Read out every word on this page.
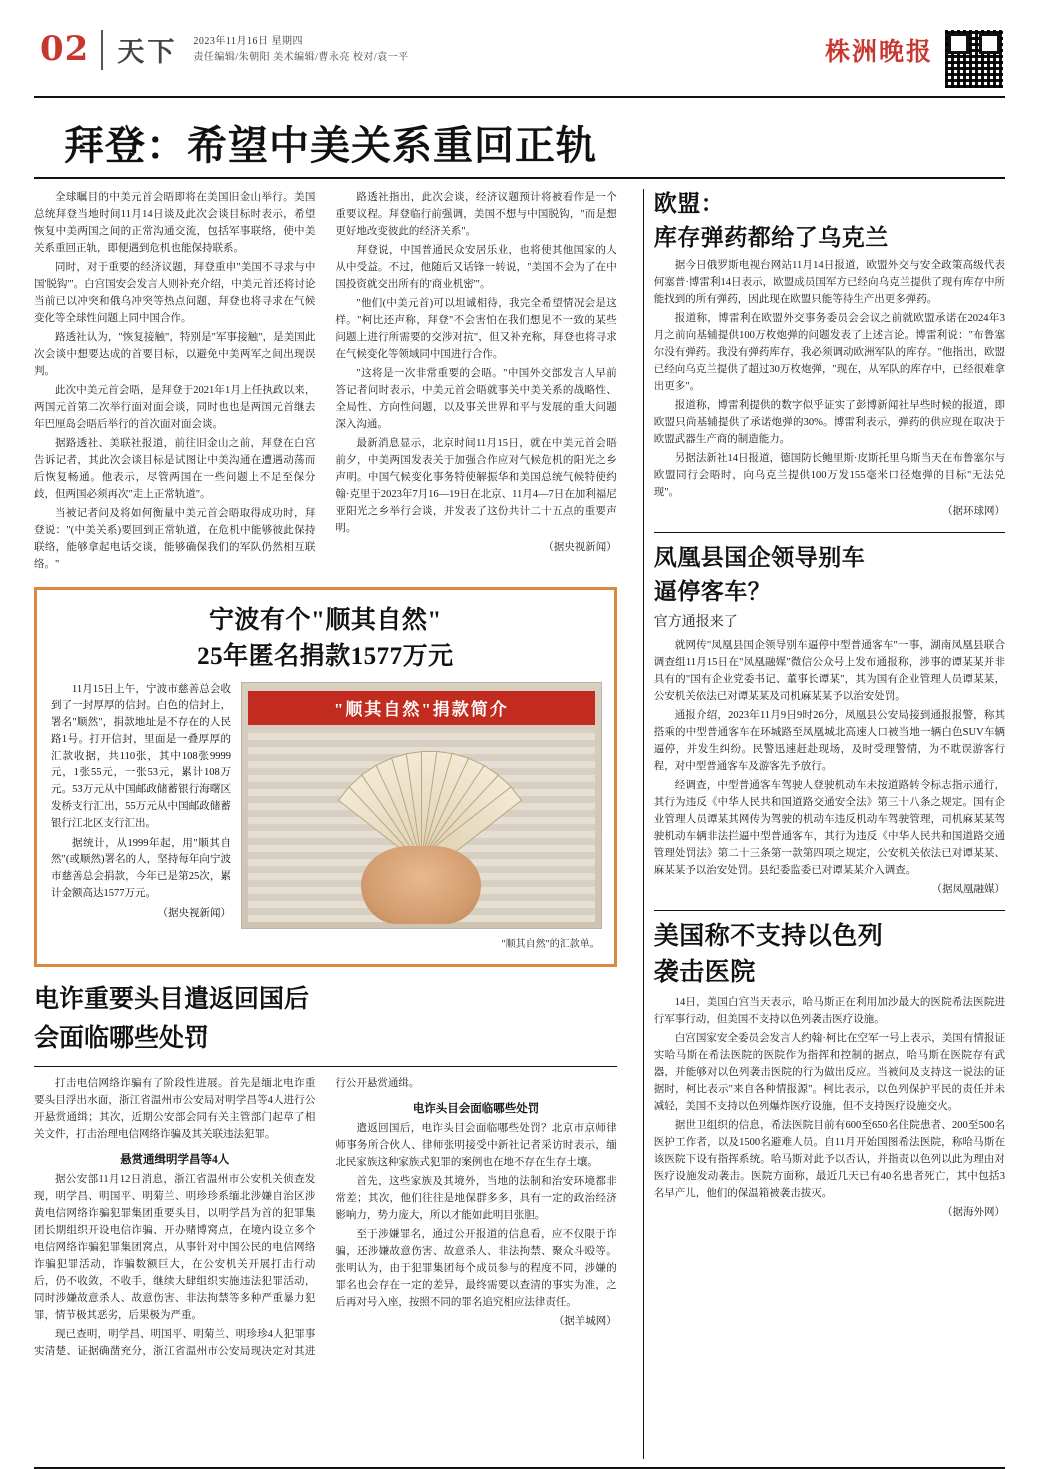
02	天下	2023年11月16日 星期四
责任编辑/朱朝阳 美术编辑/曹永亮 校对/袁一平	株洲晚报
拜登：希望中美关系重回正轨

全球瞩目的中美元首会晤即将在美国旧金山举行。美国总统拜登当地时间11月14日谈及此次会谈目标时表示，希望恢复中美两国之间的正常沟通交流，包括军事联络，使中美关系重回正轨，即便遇到危机也能保持联系。

同时，对于重要的经济议题，拜登重申"美国不寻求与中国'脱钩'"。白宫国安会发言人则补充介绍，中美元首还将讨论当前已以冲突和俄乌冲突等热点问题，拜登也将寻求在气候变化等全球性问题上同中国合作。

路透社认为，"恢复接触"，特别是"军事接触"，是美国此次会谈中想要达成的首要目标，以避免中美两军之间出现误判。

此次中美元首会晤，是拜登于2021年1月上任执政以来，两国元首第二次举行面对面会谈，同时也也是两国元首继去年巴厘岛会晤后举行的首次面对面会谈。

据路透社、美联社报道，前往旧金山之前，拜登在白宫告诉记者，其此次会谈目标是试图让中美沟通在遭遇动荡而后恢复畅通。他表示，尽管两国在一些问题上不足至保分歧，但两国必须再次"走上正常轨道"。

当被记者问及将如何衡量中美元首会晤取得成功时，拜登说："(中美关系)要回到正常轨道，在危机中能够彼此保持联络，能够拿起电话交谈，能够确保我们的军队仍然相互联络。"

路透社指出，此次会谈，经济议题预计将被看作是一个重要议程。拜登临行前强调，美国不想与中国脱钩，"而是想更好地改变彼此的经济关系"。

拜登说，中国普通民众安居乐业，也将使其他国家的人从中受益。不过，他随后又话锋一转说，"美国不会为了在中国投资就交出所有的'商业机密'"。

"他们(中美元首)可以坦诚相待，我完全希望情况会是这样。"柯比还声称，拜登"不会害怕在我们想见不一致的某些问题上进行所需要的交涉对抗"，但又补充称，拜登也将寻求在气候变化等领域同中国进行合作。

"这将是一次非常重要的会晤。"中国外交部发言人早前答记者问时表示，中美元首会晤就事关中美关系的战略性、全局性、方向性问题，以及事关世界和平与发展的重大问题深入沟通。

最新消息显示，北京时间11月15日，就在中美元首会晤前夕，中美两国发表关于加强合作应对气候危机的阳光之乡声明。中国气候变化事务特使解振华和美国总统气候特使约翰·克里于2023年7月16—19日在北京、11月4—7日在加利福尼亚阳光之乡举行会谈，并发表了这份共计二十五点的重要声明。

（据央视新闻）

宁波有个"顺其自然"
25年匿名捐款1577万元

11月15日上午，宁波市慈善总会收到了一封厚厚的信封。白色的信封上，署名"顺然"，捐款地址是不存在的人民路1号。打开信封，里面是一叠厚厚的汇款收据，共110张，其中108张9999元，1张55元，一张53元，累计108万元。53万元从中国邮政储蓄银行海曙区发桥支行汇出，55万元从中国邮政储蓄银行江北区支行汇出。

据统计，从1999年起，用"顺其自然"(或顺然)署名的人，坚持每年向宁波市慈善总会捐款，今年已是第25次，累计金额高达1577万元。

（据央视新闻）

"顺其自然"捐款简介
"顺其自然"的汇款单。
电诈重要头目遣返回国后
会面临哪些处罚

打击电信网络诈骗有了阶段性进展。首先是缅北电诈重要头目浮出水面，浙江省温州市公安局对明学昌等4人进行公开悬赏通缉；其次，近期公安部会同有关主管部门起草了相关文件，打击治理电信网络诈骗及其关联违法犯罪。

悬赏通缉明学昌等4人

据公安部11月12日消息，浙江省温州市公安机关侦查发现，明学昌、明国平、明菊兰、明珍珍系缅北涉嫌自治区涉黄电信网络诈骗犯罪集团重要头目，以明学昌为首的犯罪集团长期组织开设电信诈骗、开办赌博窝点，在境内设立多个电信网络诈骗犯罪集团窝点，从事针对中国公民的电信网络诈骗犯罪活动，诈骗数额巨大，在公安机关开展打击行动后，仍不收敛，不收手，继续大肆组织实施违法犯罪活动，同时涉嫌故意杀人、故意伤害、非法拘禁等多种严重暴力犯罪，情节极其恶劣，后果极为严重。

现已查明，明学昌、明国平、明菊兰、明珍珍4人犯罪事实清楚、证据确凿充分，浙江省温州市公安局现决定对其进行公开悬赏通缉。

电诈头目会面临哪些处罚

遣返回国后，电诈头目会面临哪些处罚？北京市京师律师事务所合伙人、律师张明接受中新社记者采访时表示，缅北民家族这种家族式犯罪的案例也在地不存在生存土壤。

首先，这些家族及其境外，当地的法制和治安环境都非常差；其次，他们往往是地保群多多，具有一定的政治经济影响力，势力庞大，所以才能如此明目张胆。

至于涉嫌罪名，通过公开报道的信息看，应不仅限于诈骗，还涉嫌故意伤害、故意杀人、非法拘禁、聚众斗殴等。张明认为，由于犯罪集团每个成员参与的程度不同，涉嫌的罪名也会存在一定的差异，最终需要以查清的事实为准，之后再对号入座，按照不同的罪名追究相应法律责任。

（据羊城网）

欧盟：
库存弹药都给了乌克兰

据今日俄罗斯电视台网站11月14日报道，欧盟外交与安全政策高级代表何塞普·博雷利14日表示，欧盟成员国军方已经向乌克兰提供了现有库存中所能找到的所有弹药，因此现在欧盟只能等待生产出更多弹药。

报道称，博雷利在欧盟外交事务委员会会议之前就欧盟承诺在2024年3月之前向基辅提供100万枚炮弹的问题发表了上述言论。博雷利说："布鲁塞尔没有弹药。我没有弹药库存，我必须调动欧洲军队的库存。"他指出，欧盟已经向乌克兰提供了超过30万枚炮弹，"现在，从军队的库存中，已经很难拿出更多"。

报道称，博雷利提供的数字似乎证实了彭博新闻社早些时候的报道，即欧盟只尚基辅提供了承诺炮弹的30%。博雷利表示，弹药的供应现在取决于欧盟武器生产商的制造能力。

另据法新社14日报道，德国防长鲍里斯·皮斯托里乌斯当天在布鲁塞尔与欧盟同行会晤时，向乌克兰提供100万发155毫米口径炮弹的目标"无法兑现"。

（据环球网）

凤凰县国企领导别车
逼停客车？
官方通报来了

就网传"凤凰县国企领导别车逼停中型普通客车"一事，湖南凤凰县联合调查组11月15日在"凤凰融媒"微信公众号上发布通报称，涉事的谭某某并非具有的"国有企业党委书记、董事长谭某"，其为国有企业管理人员谭某某，公安机关依法已对谭某某及司机麻某某予以治安处罚。

通报介绍，2023年11月9日9时26分，凤凰县公安局接到通报报警，称其搭乘的中型普通客车在环城路至凤凰城北高速人口被当地一辆白色SUV车辆逼停，并发生纠纷。民警迅速赶赴现场，及时受理警情，为不耽误游客行程，对中型普通客车及游客先予放行。

经调查，中型普通客车驾驶人登驶机动车未按道路转令标志指示通行，其行为违反《中华人民共和国道路交通安全法》第三十八条之规定。国有企业管理人员谭某其网传为驾驶的机动车违反机动车驾驶管理，司机麻某某驾驶机动车辆非法拦逼中型普通客车，其行为违反《中华人民共和国道路交通管理处罚法》第二十三条第一款第四项之规定，公安机关依法已对谭某某、麻某某予以治安处罚。县纪委监委已对谭某某介入调查。

（据凤凰融媒）

美国称不支持以色列
袭击医院

14日，美国白宫当天表示，哈马斯正在利用加沙最大的医院希法医院进行军事行动，但美国不支持以色列袭击医疗设施。

白宫国家安全委员会发言人约翰·柯比在空军一号上表示，美国有情报证实哈马斯在希法医院的医院作为指挥和控制的据点，哈马斯在医院存有武器，并能够对以色列袭击医院的行为做出反应。当被问及支持这一说法的证据时，柯比表示"来自各种情报源"。柯比表示，以色列保护平民的责任并未减轻，美国不支持以色列爆炸医疗设施，但不支持医疗设施交火。

据世卫组织的信息，希法医院目前有600至650名住院患者、200至500名医护工作者，以及1500名避难人员。自11月开始国图希法医院，称哈马斯在该医院下设有指挥系统。哈马斯对此予以否认，并指责以色列以此为理由对医疗设施发动袭击。医院方面称，最近几天已有40名患者死亡，其中包括3名早产儿，他们的保温箱被袭击拔灭。

（据海外网）
